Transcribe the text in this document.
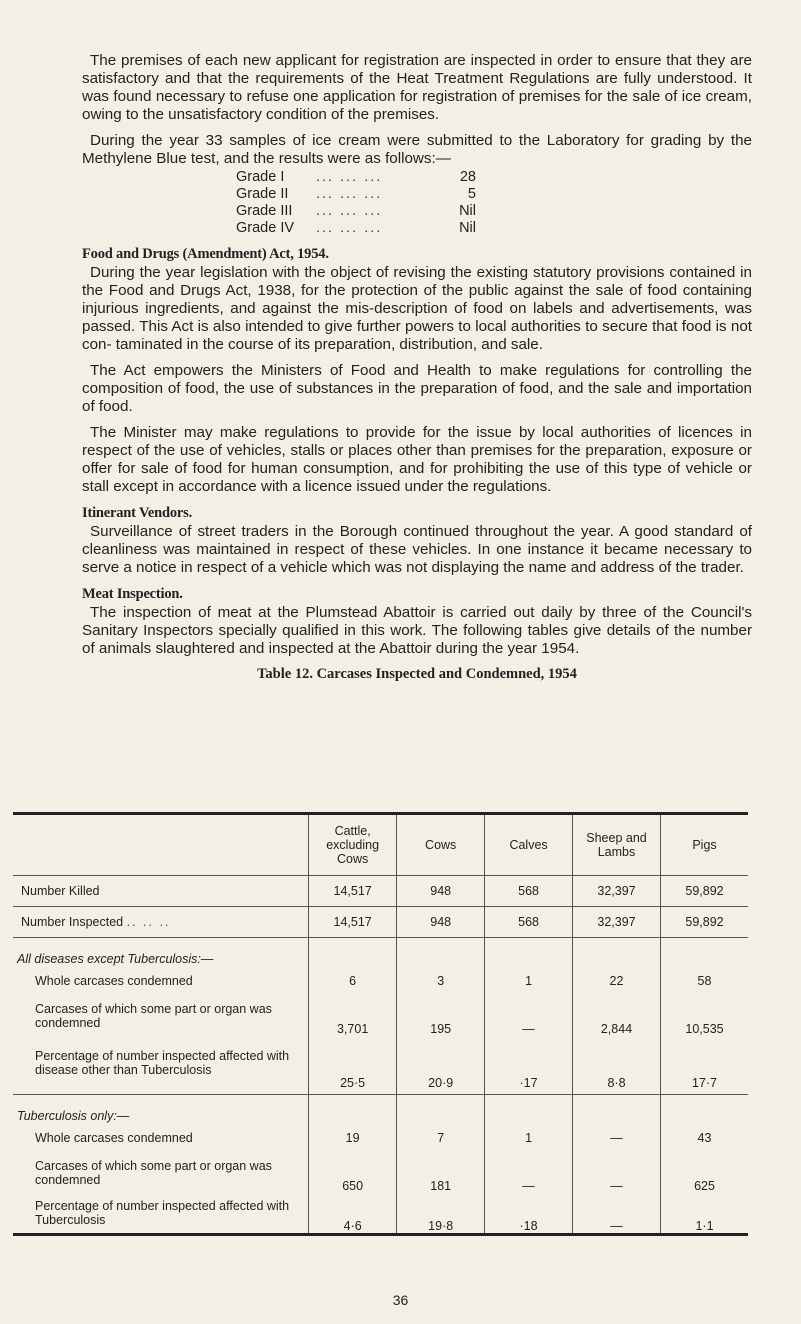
The premises of each new applicant for registration are inspected in order to ensure that they are satisfactory and that the requirements of the Heat Treatment Regulations are fully understood. It was found necessary to refuse one application for registration of premises for the sale of ice cream, owing to the unsatisfactory condition of the premises.

During the year 33 samples of ice cream were submitted to the Laboratory for grading by the Methylene Blue test, and the results were as follows:—

Grade I	... ... ...	28
Grade II	... ... ...	5
Grade III	... ... ...	Nil
Grade IV	... ... ...	Nil
Food and Drugs (Amendment) Act, 1954.

During the year legislation with the object of revising the existing statutory provisions contained in the Food and Drugs Act, 1938, for the protection of the public against the sale of food containing injurious ingredients, and against the mis-description of food on labels and advertisements, was passed. This Act is also intended to give further powers to local authorities to secure that food is not con- taminated in the course of its preparation, distribution, and sale.

The Act empowers the Ministers of Food and Health to make regulations for controlling the composition of food, the use of substances in the preparation of food, and the sale and importation of food.

The Minister may make regulations to provide for the issue by local authorities of licences in respect of the use of vehicles, stalls or places other than premises for the preparation, exposure or offer for sale of food for human consumption, and for prohibiting the use of this type of vehicle or stall except in accordance with a licence issued under the regulations.

Itinerant Vendors.

Surveillance of street traders in the Borough continued throughout the year. A good standard of cleanliness was maintained in respect of these vehicles. In one instance it became necessary to serve a notice in respect of a vehicle which was not displaying the name and address of the trader.

Meat Inspection.

The inspection of meat at the Plumstead Abattoir is carried out daily by three of the Council's Sanitary Inspectors specially qualified in this work. The following tables give details of the number of animals slaughtered and inspected at the Abattoir during the year 1954.

Table 12. Carcases Inspected and Condemned, 1954
	Cattle, excluding Cows	Cows	Calves	Sheep and Lambs	Pigs

Number Killed	14,517	948	568	32,397	59,892

Number Inspected .. .. ..	14,517	948	568	32,397	59,892
All diseases except Tuberculosis:—					

Whole carcases condemned	6	3	1	22	58

Carcases of which some part or organ was condemned	3,701	195	—	2,844	10,535

Percentage of number inspected affected with disease other than Tuberculosis	25·5	20·9	·17	8·8	17·7
Tuberculosis only:—					

Whole carcases condemned	19	7	1	—	43

Carcases of which some part or organ was condemned	650	181	—	—	625

Percentage of number inspected affected with Tuberculosis	4·6	19·8	·18	—	1·1
36
